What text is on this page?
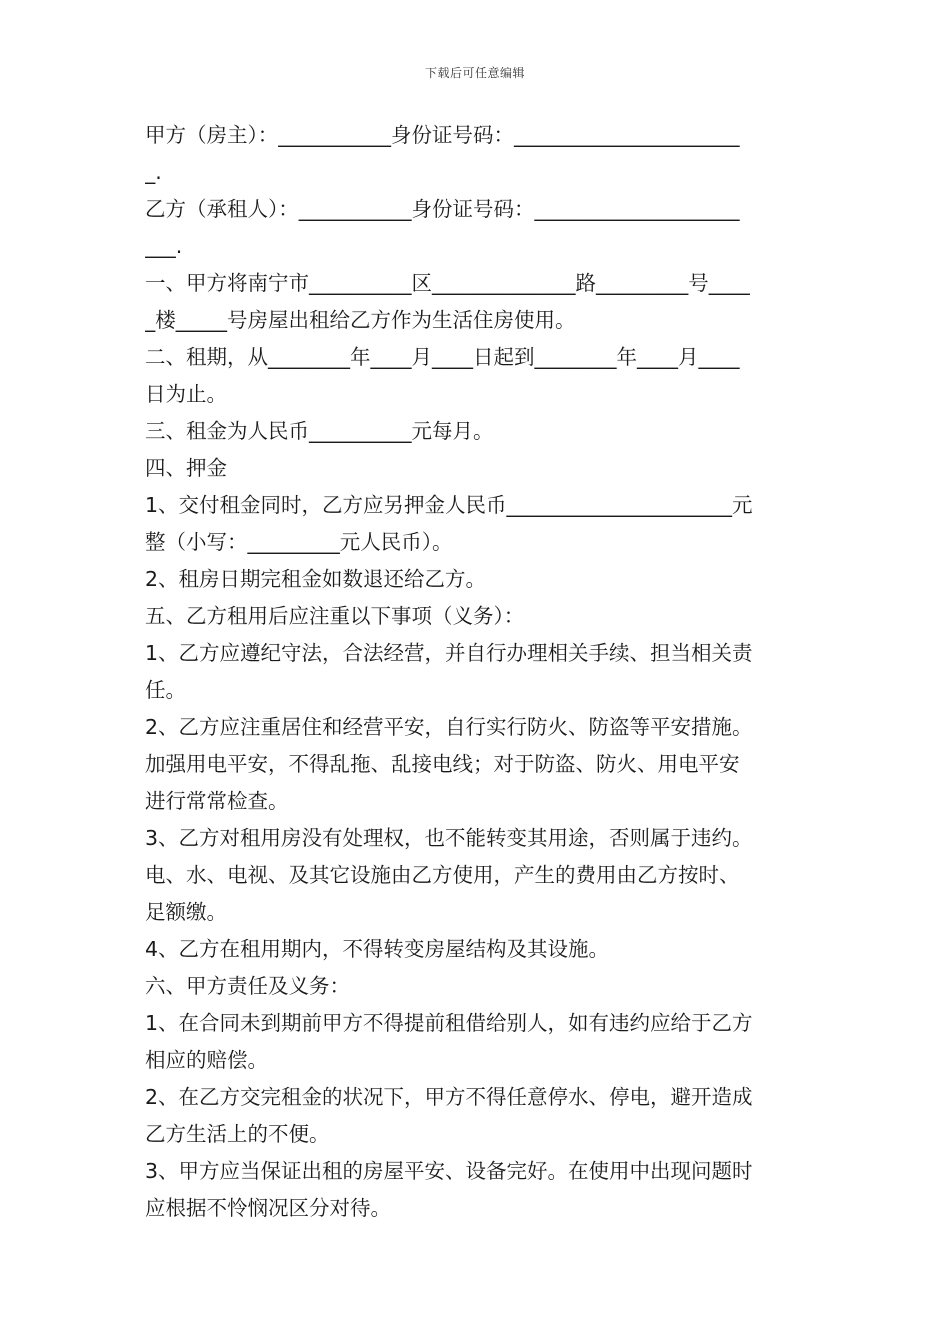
下载后可任意编辑
甲方（房主）：___________身份证号码：______________________
_.
乙方（承租人）：___________身份证号码：____________________
___.
一、甲方将南宁市__________区______________路_________号____
_楼_____号房屋出租给乙方作为生活住房使用。
二、租期，从________年____月____日起到________年____月____
日为止。
三、租金为人民币__________元每月。
四、押金
1、交付租金同时，乙方应另押金人民币______________________元
整（小写：_________元人民币）。
2、租房日期完租金如数退还给乙方。
五、乙方租用后应注重以下事项（义务）：
1、乙方应遵纪守法，合法经营，并自行办理相关手续、担当相关责
任。
2、乙方应注重居住和经营平安，自行实行防火、防盗等平安措施。
加强用电平安，不得乱拖、乱接电线；对于防盗、防火、用电平安
进行常常检查。
3、乙方对租用房没有处理权，也不能转变其用途，否则属于违约。
电、水、电视、及其它设施由乙方使用，产生的费用由乙方按时、
足额缴。
4、乙方在租用期内，不得转变房屋结构及其设施。
六、甲方责任及义务：
1、在合同未到期前甲方不得提前租借给别人，如有违约应给于乙方
相应的赔偿。
2、在乙方交完租金的状况下，甲方不得任意停水、停电，避开造成
乙方生活上的不便。
3、甲方应当保证出租的房屋平安、设备完好。在使用中出现问题时
应根据不怜悯况区分对待。
